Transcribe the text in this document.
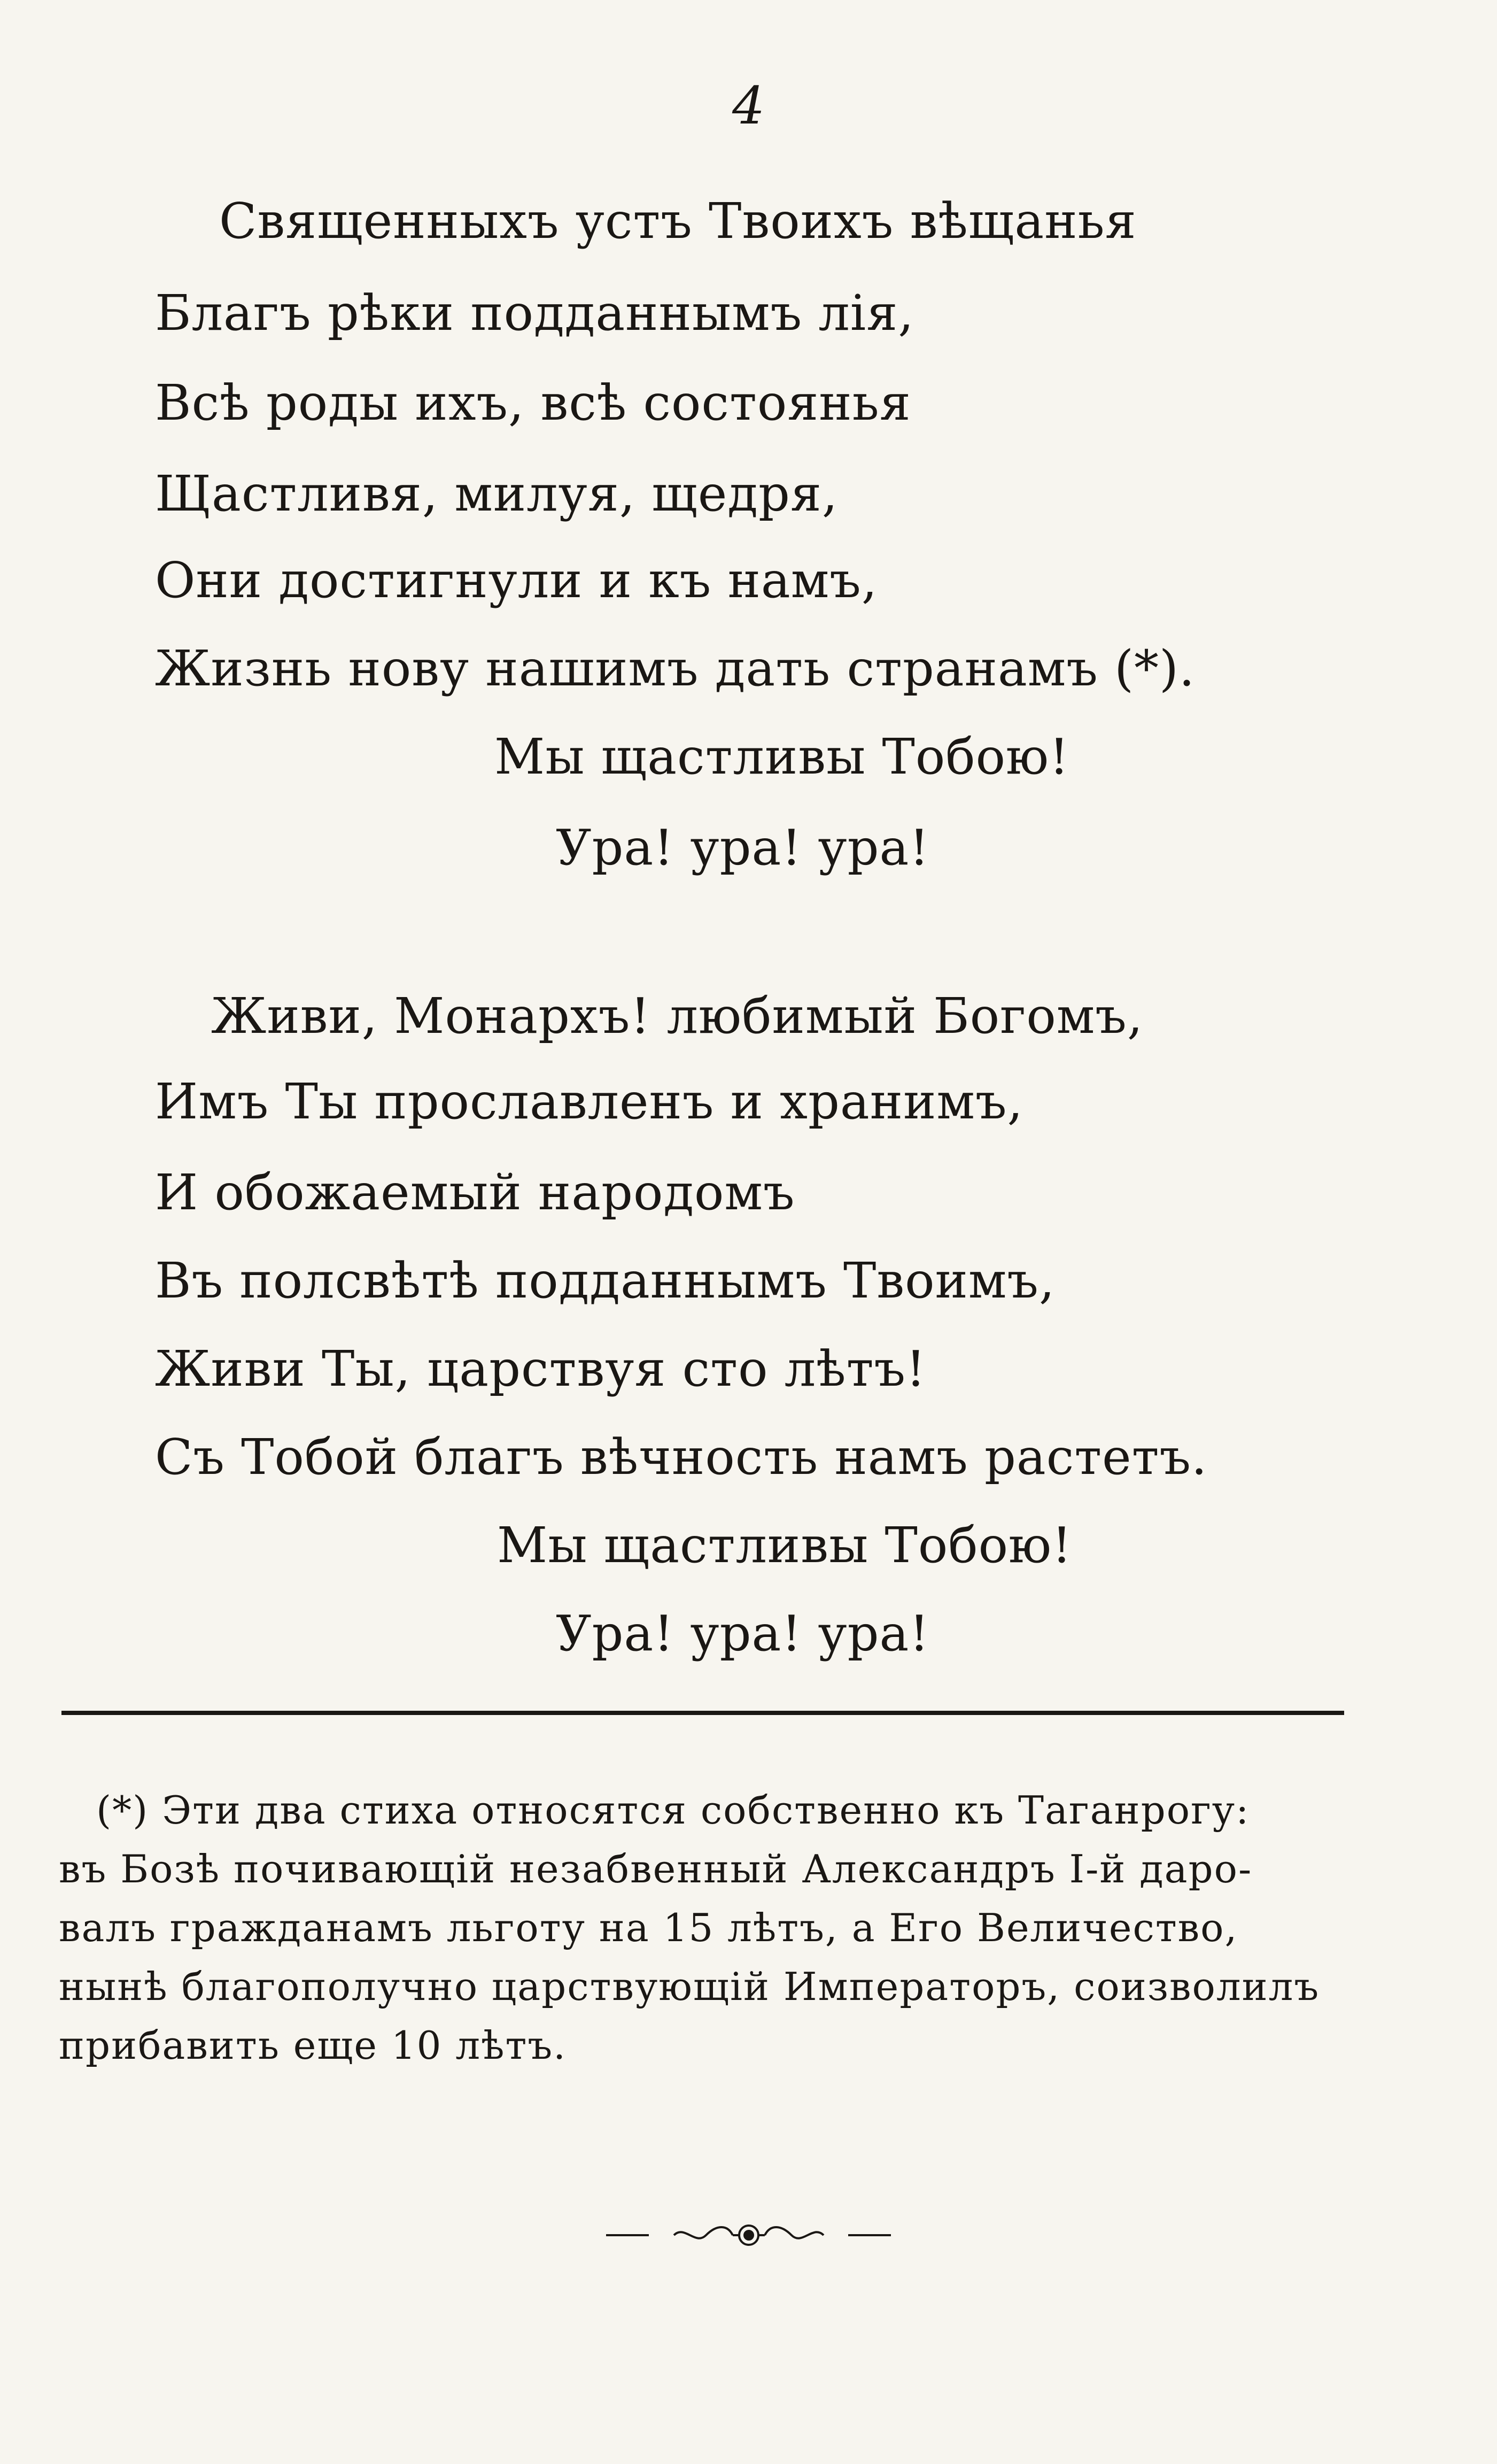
4
Священныхъ устъ Твоихъ вѣщанья
Благъ рѣки подданнымъ лія,
Всѣ роды ихъ, всѣ состоянья
Щастливя, милуя, щедря,
Они достигнули и къ намъ,
Жизнь нову нашимъ дать странамъ (*).
Мы щастливы Тобою!
Ура! ура! ура!
Живи, Монархъ! любимый Богомъ,
Имъ Ты прославленъ и хранимъ,
И обожаемый народомъ
Въ полсвѣтѣ подданнымъ Твоимъ,
Живи Ты, царствуя сто лѣтъ!
Съ Тобой благъ вѣчность намъ растетъ.
Мы щастливы Тобою!
Ура! ура! ура!
(*) Эти два стиха относятся собственно къ Таганрогу:
въ Бозѣ почивающій незабвенный Александръ I-й даро-
валъ гражданамъ льготу на 15 лѣтъ, а Его Величество,
нынѣ благополучно царствующій Императоръ, соизволилъ
прибавить еще 10 лѣтъ.
